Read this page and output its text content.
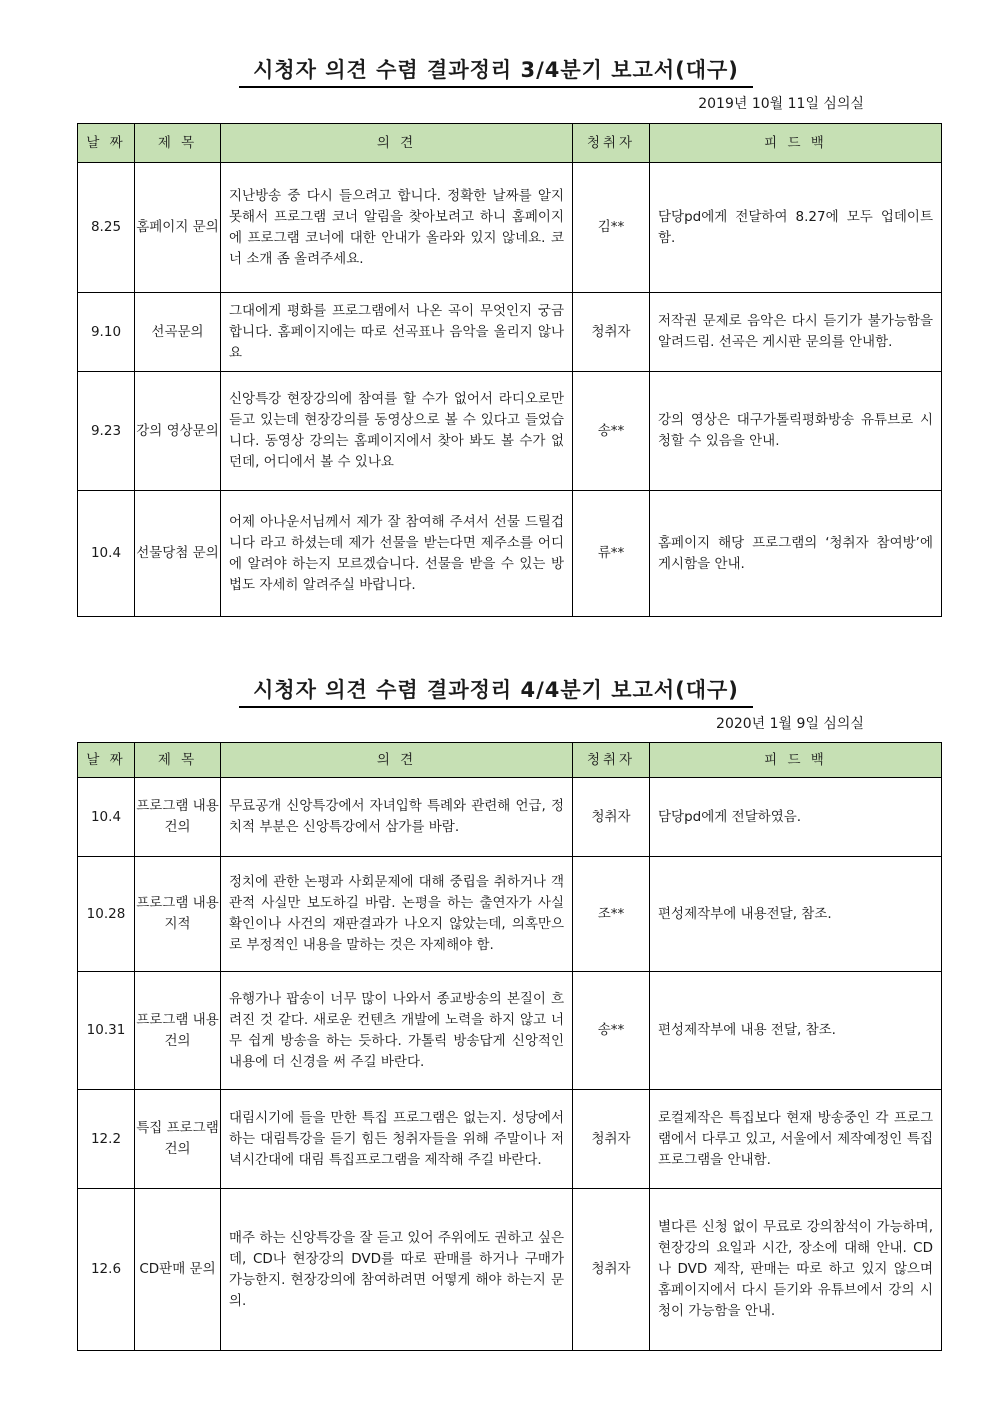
시청자 의견 수렴 결과정리 3/4분기 보고서(대구)
2019년 10월 11일 심의실
날 짜	제 목	의 견	청취자	피 드 백
8.25	홈페이지 문의	지난방송 중 다시 들으려고 합니다. 정확한 날짜를 알지 못해서 프로그램 코너 알림을 찾아보려고 하니 홈페이지에 프로그램 코너에 대한 안내가 올라와 있지 않네요. 코너 소개 좀 올려주세요.	김**	담당pd에게 전달하여 8.27에 모두 업데이트 함.
9.10	선곡문의	그대에게 평화를 프로그램에서 나온 곡이 무엇인지 궁금합니다. 홈페이지에는 따로 선곡표나 음악을 올리지 않나요	청취자	저작권 문제로 음악은 다시 듣기가 불가능함을 알려드림. 선곡은 게시판 문의를 안내함.
9.23	강의 영상문의	신앙특강 현장강의에 참여를 할 수가 없어서 라디오로만 듣고 있는데 현장강의를 동영상으로 볼 수 있다고 들었습니다. 동영상 강의는 홈페이지에서 찾아 봐도 볼 수가 없던데, 어디에서 볼 수 있나요	송**	강의 영상은 대구가톨릭평화방송 유튜브로 시청할 수 있음을 안내.
10.4	선물당첨 문의	어제 아나운서님께서 제가 잘 참여해 주셔서 선물 드릴겁니다 라고 하셨는데 제가 선물을 받는다면 제주소를 어디에 알려야 하는지 모르겠습니다. 선물을 받을 수 있는 방법도 자세히 알려주실 바랍니다.	류**	홈페이지 해당 프로그램의 ‘청취자 참여방’에 게시함을 안내.
시청자 의견 수렴 결과정리 4/4분기 보고서(대구)
2020년 1월 9일 심의실
날 짜	제 목	의 견	청취자	피 드 백
10.4	프로그램 내용 건의	무료공개 신앙특강에서 자녀입학 특례와 관련해 언급, 정치적 부분은 신앙특강에서 삼가를 바람.	청취자	담당pd에게 전달하였음.
10.28	프로그램 내용지적	정치에 관한 논평과 사회문제에 대해 중립을 취하거나 객관적 사실만 보도하길 바람. 논평을 하는 출연자가 사실 확인이나 사건의 재판결과가 나오지 않았는데, 의혹만으로 부정적인 내용을 말하는 것은 자제해야 함.	조**	편성제작부에 내용전달, 참조.
10.31	프로그램 내용 건의	유행가나 팝송이 너무 많이 나와서 종교방송의 본질이 흐려진 것 같다. 새로운 컨텐츠 개발에 노력을 하지 않고 너무 쉽게 방송을 하는 듯하다. 가톨릭 방송답게 신앙적인 내용에 더 신경을 써 주길 바란다.	송**	편성제작부에 내용 전달, 참조.
12.2	특집 프로그램 건의	대림시기에 들을 만한 특집 프로그램은 없는지. 성당에서 하는 대림특강을 듣기 힘든 청취자들을 위해 주말이나 저녁시간대에 대림 특집프로그램을 제작해 주길 바란다.	청취자	로컬제작은 특집보다 현재 방송중인 각 프로그램에서 다루고 있고, 서울에서 제작예정인 특집 프로그램을 안내함.
12.6	CD판매 문의	매주 하는 신앙특강을 잘 듣고 있어 주위에도 권하고 싶은데, CD나 현장강의 DVD를 따로 판매를 하거나 구매가 가능한지. 현장강의에 참여하려면 어떻게 해야 하는지 문의.	청취자	별다른 신청 없이 무료로 강의참석이 가능하며, 현장강의 요일과 시간, 장소에 대해 안내. CD나 DVD 제작, 판매는 따로 하고 있지 않으며 홈페이지에서 다시 듣기와 유튜브에서 강의 시청이 가능함을 안내.
